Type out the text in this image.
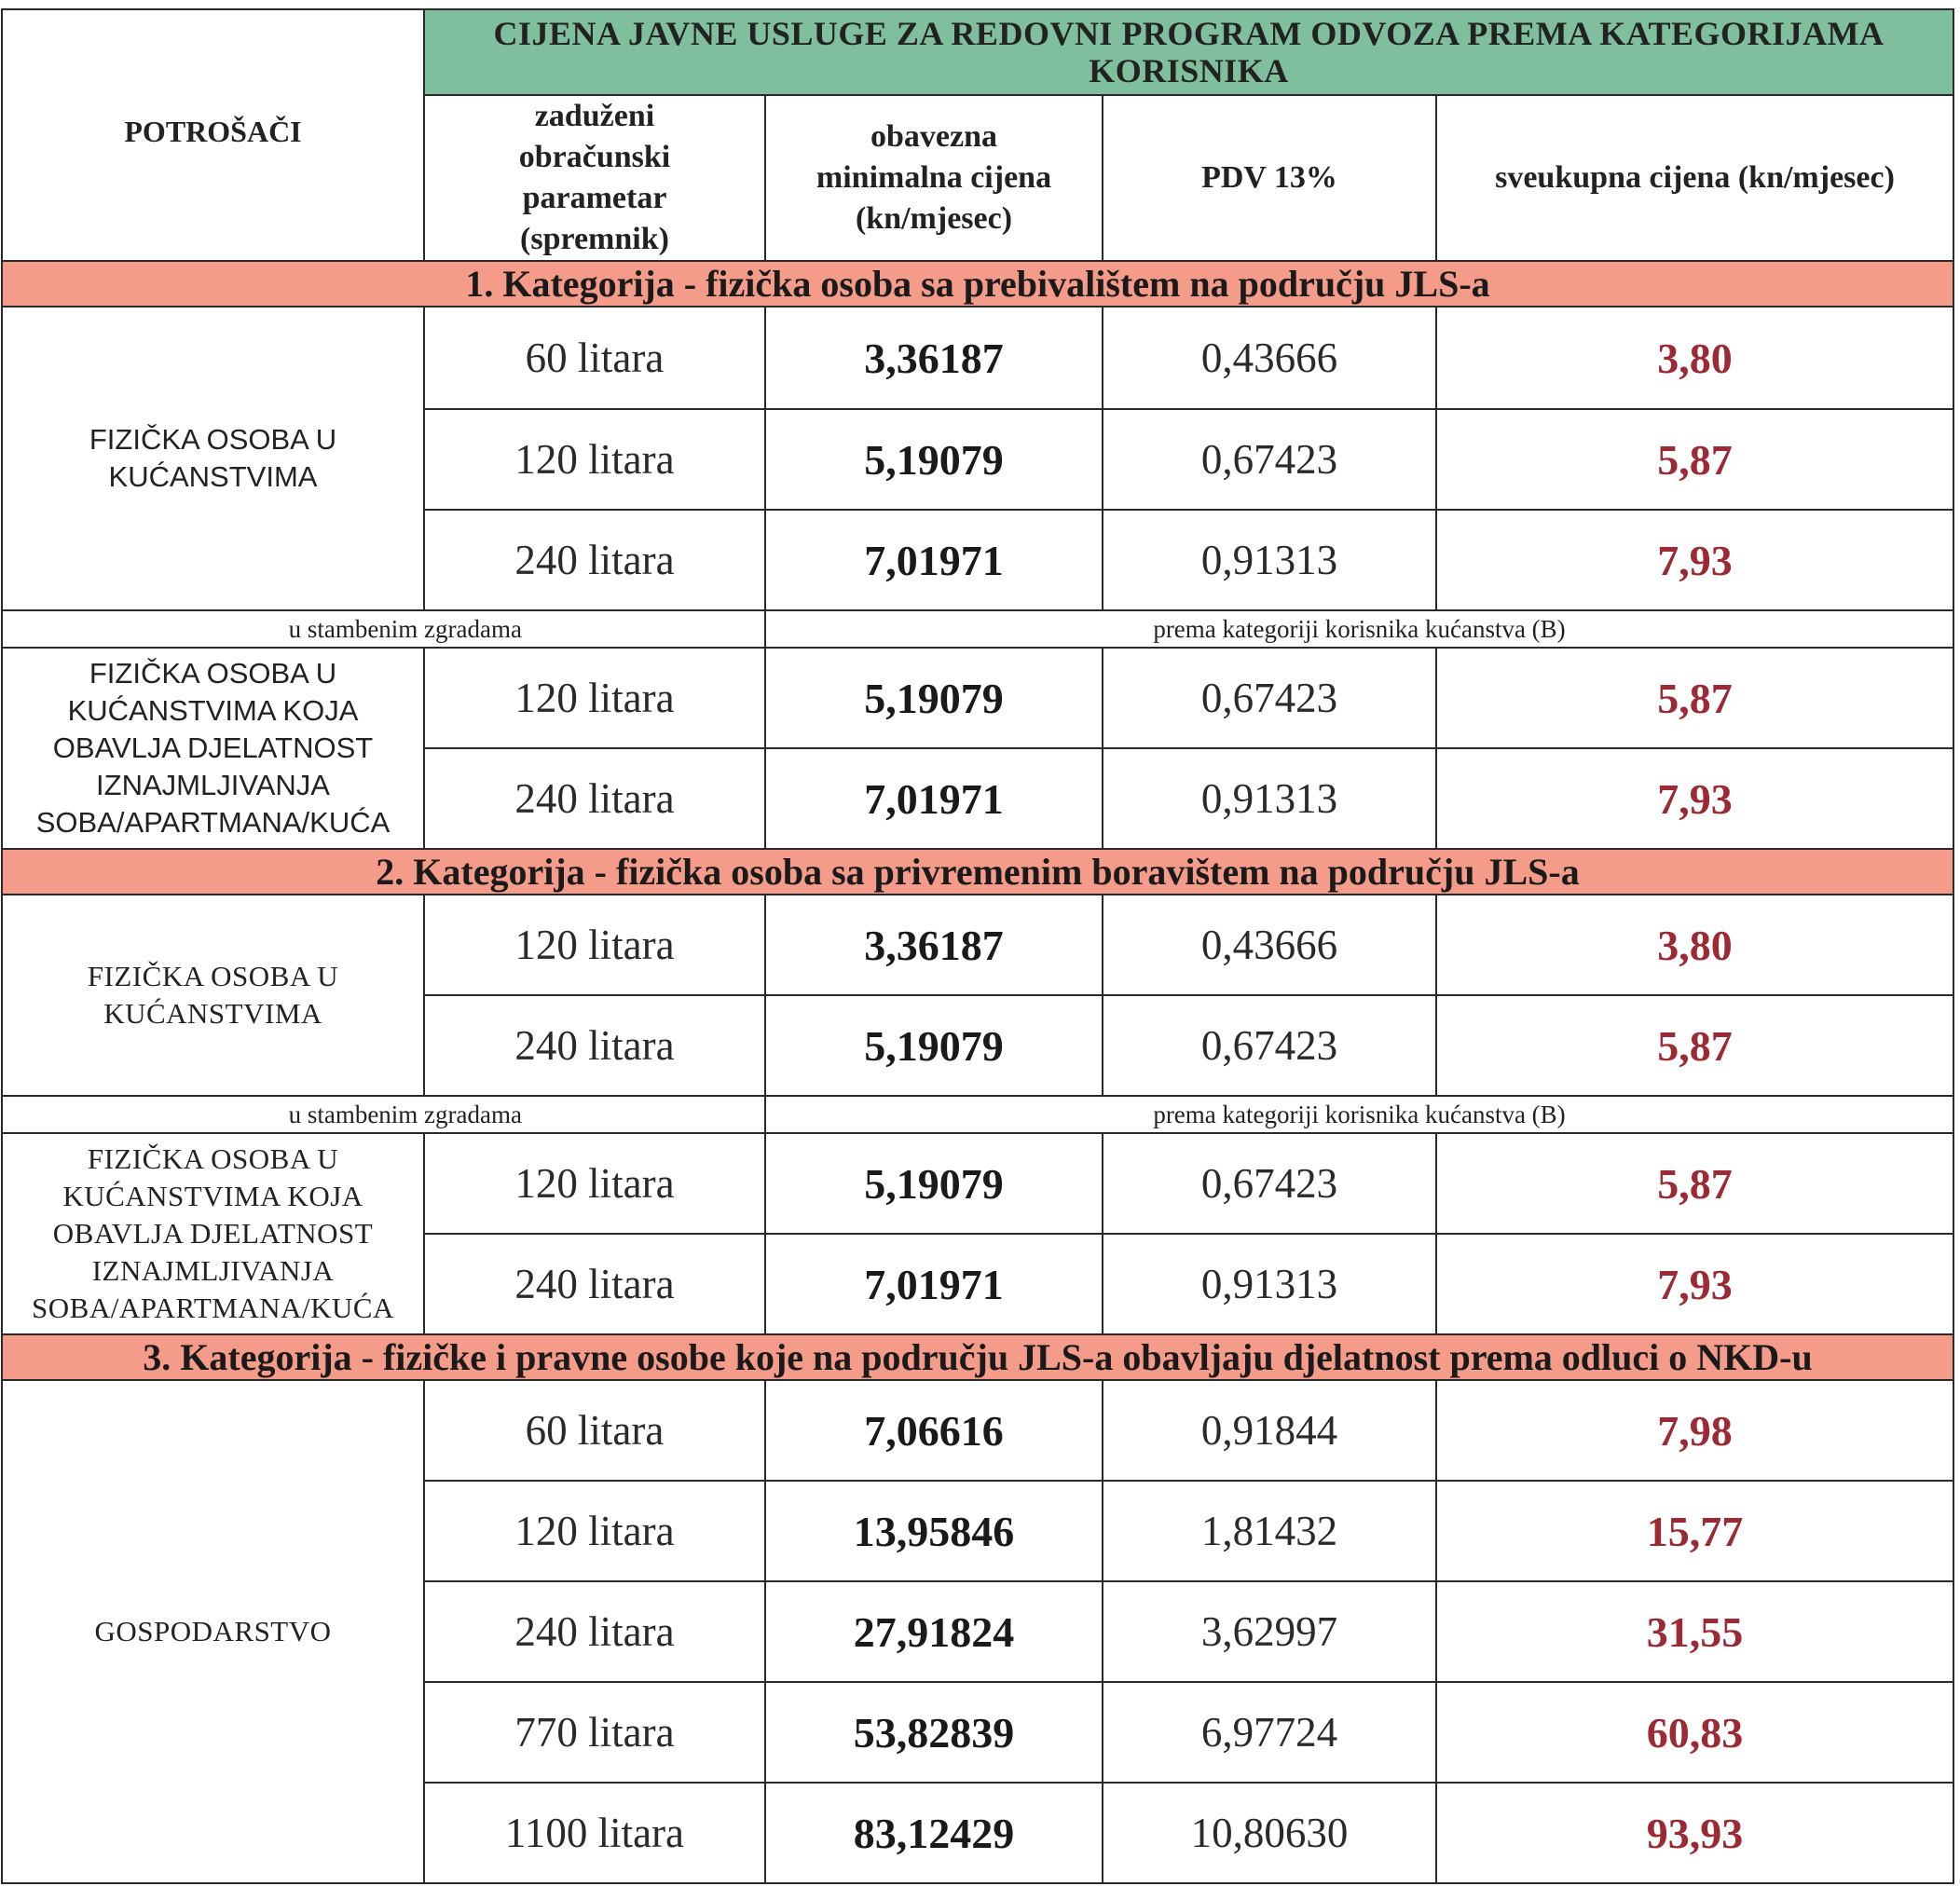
POTROŠAČI	CIJENA JAVNE USLUGE ZA REDOVNI PROGRAM ODVOZA PREMA KATEGORIJAMA KORISNIKA			
	zaduženi obračunski parametar (spremnik)	obavezna minimalna cijena (kn/mjesec)	PDV 13%	sveukupna cijena (kn/mjesec)
1. Kategorija - fizička osoba sa prebivalištem na području JLS-a				
FIZIČKA OSOBA U KUĆANSTVIMA	60 litara	3,36187	0,43666	3,80
	120 litara	5,19079	0,67423	5,87
	240 litara	7,01971	0,91313	7,93
u stambenim zgradama		prema kategoriji korisnika kućanstva (B)		
FIZIČKA OSOBA U KUĆANSTVIMA KOJA OBAVLJA DJELATNOST IZNAJMLJIVANJA SOBA/APARTMANA/KUĆA	120 litara	5,19079	0,67423	5,87
	240 litara	7,01971	0,91313	7,93
2. Kategorija - fizička osoba sa privremenim boravištem na području JLS-a				
FIZIČKA OSOBA U KUĆANSTVIMA	120 litara	3,36187	0,43666	3,80
	240 litara	5,19079	0,67423	5,87
u stambenim zgradama		prema kategoriji korisnika kućanstva (B)		
FIZIČKA OSOBA U KUĆANSTVIMA KOJA OBAVLJA DJELATNOST IZNAJMLJIVANJA SOBA/APARTMANA/KUĆA	120 litara	5,19079	0,67423	5,87
	240 litara	7,01971	0,91313	7,93
3. Kategorija - fizičke i pravne osobe koje na području JLS-a obavljaju djelatnost prema odluci o NKD-u				
GOSPODARSTVO	60 litara	7,06616	0,91844	7,98
	120 litara	13,95846	1,81432	15,77
	240 litara	27,91824	3,62997	31,55
	770 litara	53,82839	6,97724	60,83
	1100 litara	83,12429	10,80630	93,93
